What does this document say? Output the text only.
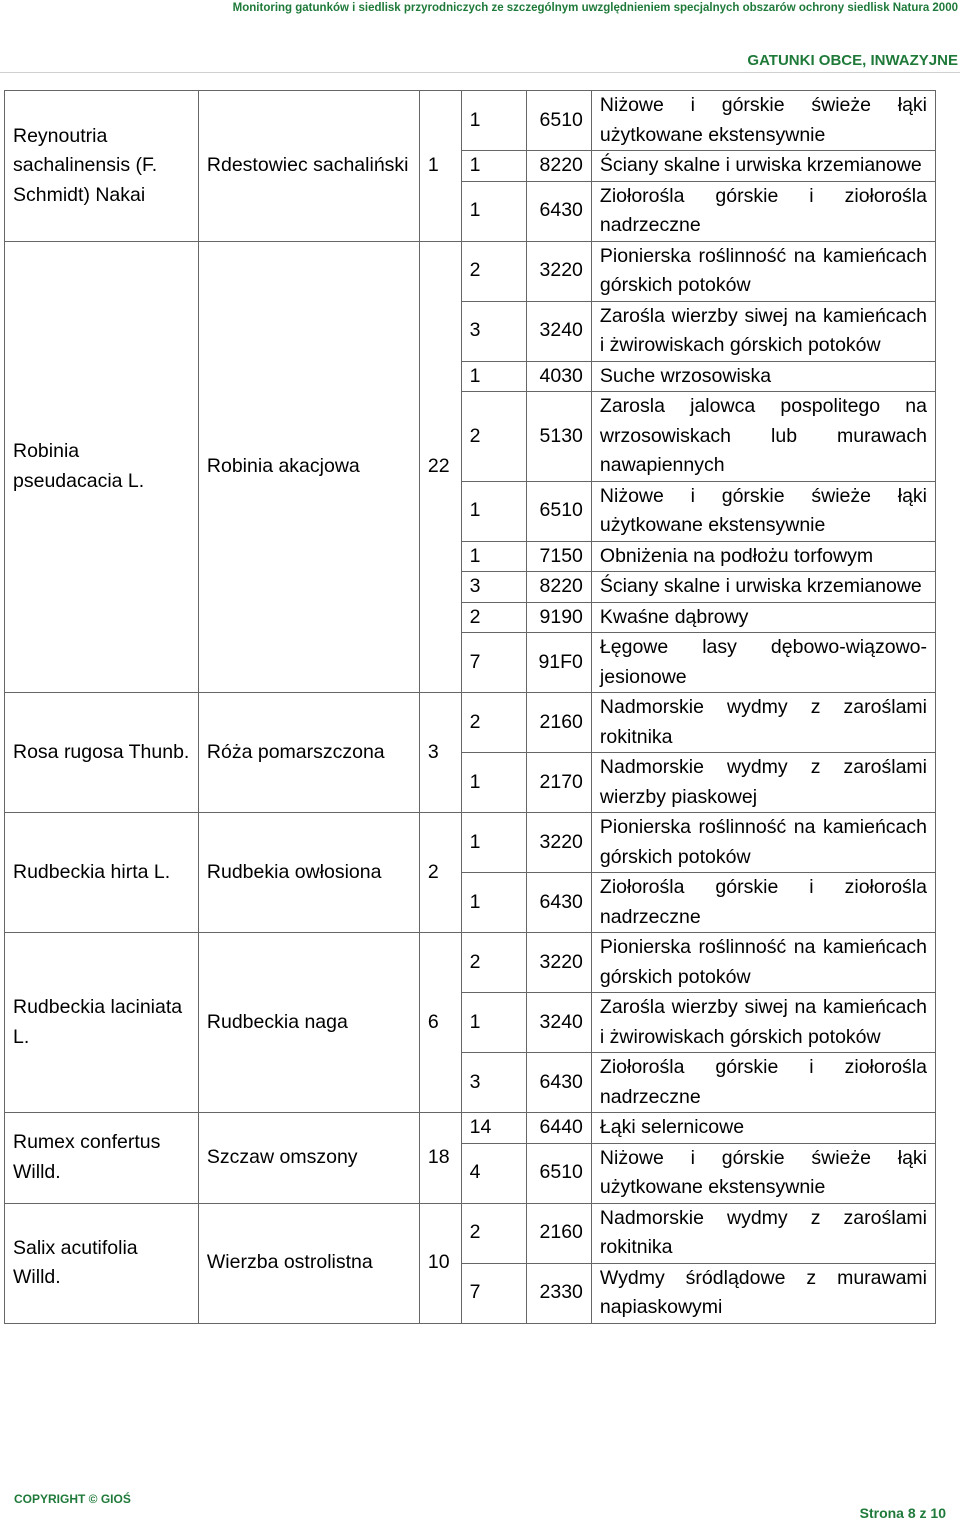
Monitoring gatunków i siedlisk przyrodniczych ze szczególnym uwzględnieniem specjalnych obszarów ochrony siedlisk Natura 2000
GATUNKI OBCE, INWAZYJNE
Reynoutria sachalinensis (F. Schmidt) Nakai	Rdestowiec sachaliński	1	1	6510	Niżowe i górskie świeże łąki użytkowane ekstensywnie
			1	8220	Ściany skalne i urwiska krzemianowe
			1	6430	Ziołorośla górskie i ziołorośla nadrzeczne
Robinia pseudacacia L.	Robinia akacjowa	22	2	3220	Pionierska roślinność na kamieńcach górskich potoków
			3	3240	Zarośla wierzby siwej na kamieńcach i żwirowiskach górskich potoków
			1	4030	Suche wrzosowiska
			2	5130	Zarosla jalowca pospolitego na wrzosowiskach lub murawach nawapiennych
			1	6510	Niżowe i górskie świeże łąki użytkowane ekstensywnie
			1	7150	Obniżenia na podłożu torfowym
			3	8220	Ściany skalne i urwiska krzemianowe
			2	9190	Kwaśne dąbrowy
			7	91F0	Łęgowe lasy dębowo-wiązowo-jesionowe
Rosa rugosa Thunb.	Róża pomarszczona	3	2	2160	Nadmorskie wydmy z zaroślami rokitnika
			1	2170	Nadmorskie wydmy z zaroślami wierzby piaskowej
Rudbeckia hirta L.	Rudbekia owłosiona	2	1	3220	Pionierska roślinność na kamieńcach górskich potoków
			1	6430	Ziołorośla górskie i ziołorośla nadrzeczne
Rudbeckia laciniata L.	Rudbeckia naga	6	2	3220	Pionierska roślinność na kamieńcach górskich potoków
			1	3240	Zarośla wierzby siwej na kamieńcach i żwirowiskach górskich potoków
			3	6430	Ziołorośla górskie i ziołorośla nadrzeczne
Rumex confertus Willd.	Szczaw omszony	18	14	6440	Łąki selernicowe
			4	6510	Niżowe i górskie świeże łąki użytkowane ekstensywnie
Salix acutifolia Willd.	Wierzba ostrolistna	10	2	2160	Nadmorskie wydmy z zaroślami rokitnika
			7	2330	Wydmy śródlądowe z murawami napiaskowymi
COPYRIGHT © GIOŚ
Strona 8 z 10
